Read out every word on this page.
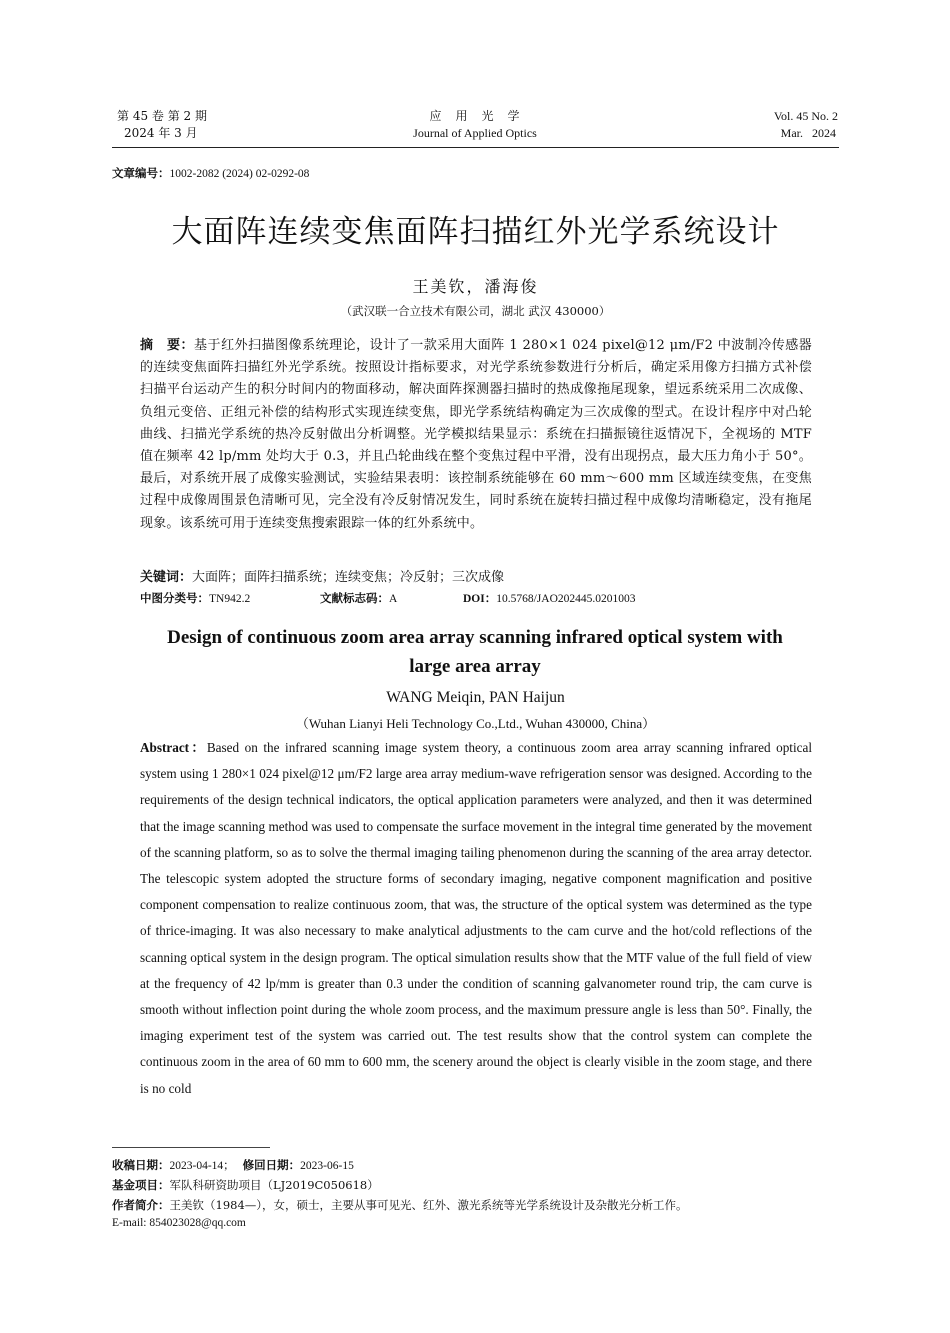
第 45 卷 第 2 期
2024 年 3 月
应　用　光　学
Journal of Applied Optics
Vol. 45 No. 2
Mar.   2024
文章编号：1002-2082 (2024) 02-0292-08
大面阵连续变焦面阵扫描红外光学系统设计
王美钦，潘海俊
（武汉联一合立技术有限公司，湖北 武汉 430000）
摘　要：基于红外扫描图像系统理论，设计了一款采用大面阵 1 280×1 024 pixel@12 μm/F2 中波制冷传感器的连续变焦面阵扫描红外光学系统。按照设计指标要求，对光学系统参数进行分析后，确定采用像方扫描方式补偿扫描平台运动产生的积分时间内的物面移动，解决面阵探测器扫描时的热成像拖尾现象，望远系统采用二次成像、负组元变倍、正组元补偿的结构形式实现连续变焦，即光学系统结构确定为三次成像的型式。在设计程序中对凸轮曲线、扫描光学系统的热冷反射做出分析调整。光学模拟结果显示：系统在扫描振镜往返情况下，全视场的 MTF 值在频率 42 lp/mm 处均大于 0.3，并且凸轮曲线在整个变焦过程中平滑，没有出现拐点，最大压力角小于 50°。最后，对系统开展了成像实验测试，实验结果表明：该控制系统能够在 60 mm～600 mm 区域连续变焦，在变焦过程中成像周围景色清晰可见，完全没有冷反射情况发生，同时系统在旋转扫描过程中成像均清晰稳定，没有拖尾现象。该系统可用于连续变焦搜索跟踪一体的红外系统中。
关键词：大面阵；面阵扫描系统；连续变焦；冷反射；三次成像
中图分类号：TN942.2	文献标志码：A	DOI：10.5768/JAO202445.0201003
Design of continuous zoom area array scanning infrared optical system with large area array
WANG Meiqin, PAN Haijun
（Wuhan Lianyi Heli Technology Co.,Ltd., Wuhan 430000, China）
Abstract：Based on the infrared scanning image system theory, a continuous zoom area array scanning infrared optical system using 1 280×1 024 pixel@12 μm/F2 large area array medium-wave refrigeration sensor was designed. According to the requirements of the design technical indicators, the optical application parameters were analyzed, and then it was determined that the image scanning method was used to compensate the surface movement in the integral time generated by the movement of the scanning platform, so as to solve the thermal imaging tailing phenomenon during the scanning of the area array detector. The telescopic system adopted the structure forms of secondary imaging, negative component magnification and positive component compensation to realize continuous zoom, that was, the structure of the optical system was determined as the type of thrice-imaging. It was also necessary to make analytical adjustments to the cam curve and the hot/cold reflections of the scanning optical system in the design program. The optical simulation results show that the MTF value of the full field of view at the frequency of 42 lp/mm is greater than 0.3 under the condition of scanning galvanometer round trip, the cam curve is smooth without inflection point during the whole zoom process, and the maximum pressure angle is less than 50°. Finally, the imaging experiment test of the system was carried out. The test results show that the control system can complete the continuous zoom in the area of 60 mm to 600 mm, the scenery around the object is clearly visible in the zoom stage, and there is no cold
收稿日期：2023-04-14； 修回日期：2023-06-15
基金项目：军队科研资助项目（LJ2019C050618）
作者简介：王美钦（1984—），女，硕士，主要从事可见光、红外、激光系统等光学系统设计及杂散光分析工作。
E-mail: 854023028@qq.com
